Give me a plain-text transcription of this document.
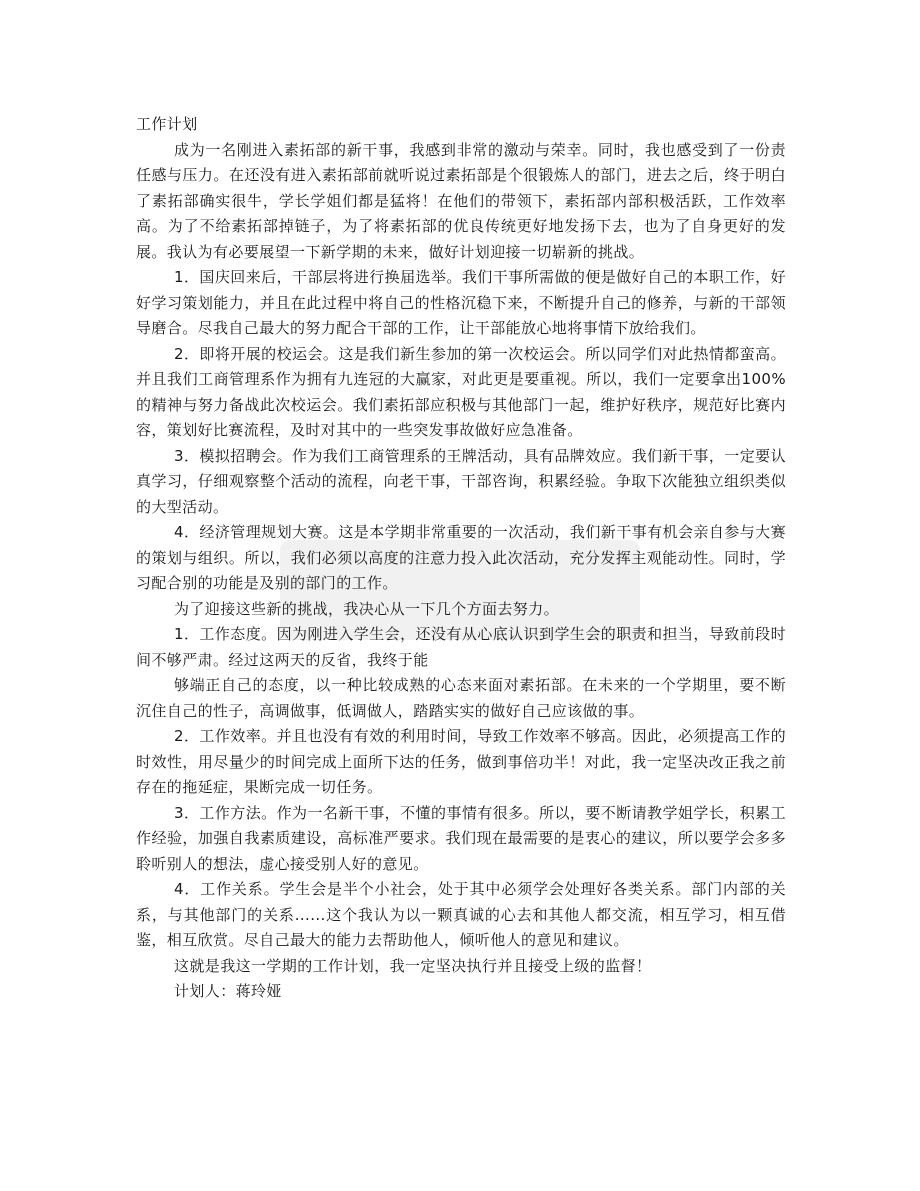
工作计划

成为一名刚进入素拓部的新干事，我感到非常的激动与荣幸。同时，我也感受到了一份责任感与压力。在还没有进入素拓部前就听说过素拓部是个很锻炼人的部门，进去之后，终于明白了素拓部确实很牛，学长学姐们都是猛将！在他们的带领下，素拓部内部积极活跃，工作效率高。为了不给素拓部掉链子，为了将素拓部的优良传统更好地发扬下去，也为了自身更好的发展。我认为有必要展望一下新学期的未来，做好计划迎接一切崭新的挑战。

1．国庆回来后，干部层将进行换届选举。我们干事所需做的便是做好自己的本职工作，好好学习策划能力，并且在此过程中将自己的性格沉稳下来，不断提升自己的修养，与新的干部领导磨合。尽我自己最大的努力配合干部的工作，让干部能放心地将事情下放给我们。

2．即将开展的校运会。这是我们新生参加的第一次校运会。所以同学们对此热情都蛮高。并且我们工商管理系作为拥有九连冠的大赢家，对此更是要重视。所以，我们一定要拿出100%的精神与努力备战此次校运会。我们素拓部应积极与其他部门一起，维护好秩序，规范好比赛内容，策划好比赛流程，及时对其中的一些突发事故做好应急准备。

3．模拟招聘会。作为我们工商管理系的王牌活动，具有品牌效应。我们新干事，一定要认真学习，仔细观察整个活动的流程，向老干事，干部咨询，积累经验。争取下次能独立组织类似的大型活动。

4．经济管理规划大赛。这是本学期非常重要的一次活动，我们新干事有机会亲自参与大赛的策划与组织。所以，我们必须以高度的注意力投入此次活动，充分发挥主观能动性。同时，学习配合别的功能是及别的部门的工作。

为了迎接这些新的挑战，我决心从一下几个方面去努力。

1．工作态度。因为刚进入学生会，还没有从心底认识到学生会的职责和担当，导致前段时间不够严肃。经过这两天的反省，我终于能

够端正自己的态度，以一种比较成熟的心态来面对素拓部。在未来的一个学期里，要不断沉住自己的性子，高调做事，低调做人，踏踏实实的做好自己应该做的事。

2．工作效率。并且也没有有效的利用时间，导致工作效率不够高。因此，必须提高工作的时效性，用尽量少的时间完成上面所下达的任务，做到事倍功半！对此，我一定坚决改正我之前存在的拖延症，果断完成一切任务。

3．工作方法。作为一名新干事，不懂的事情有很多。所以，要不断请教学姐学长，积累工作经验，加强自我素质建设，高标准严要求。我们现在最需要的是衷心的建议，所以要学会多多聆听别人的想法，虚心接受别人好的意见。

4．工作关系。学生会是半个小社会，处于其中必须学会处理好各类关系。部门内部的关系，与其他部门的关系......这个我认为以一颗真诚的心去和其他人都交流，相互学习，相互借鉴，相互欣赏。尽自己最大的能力去帮助他人，倾听他人的意见和建议。

这就是我这一学期的工作计划，我一定坚决执行并且接受上级的监督！

计划人：蒋玲娅
